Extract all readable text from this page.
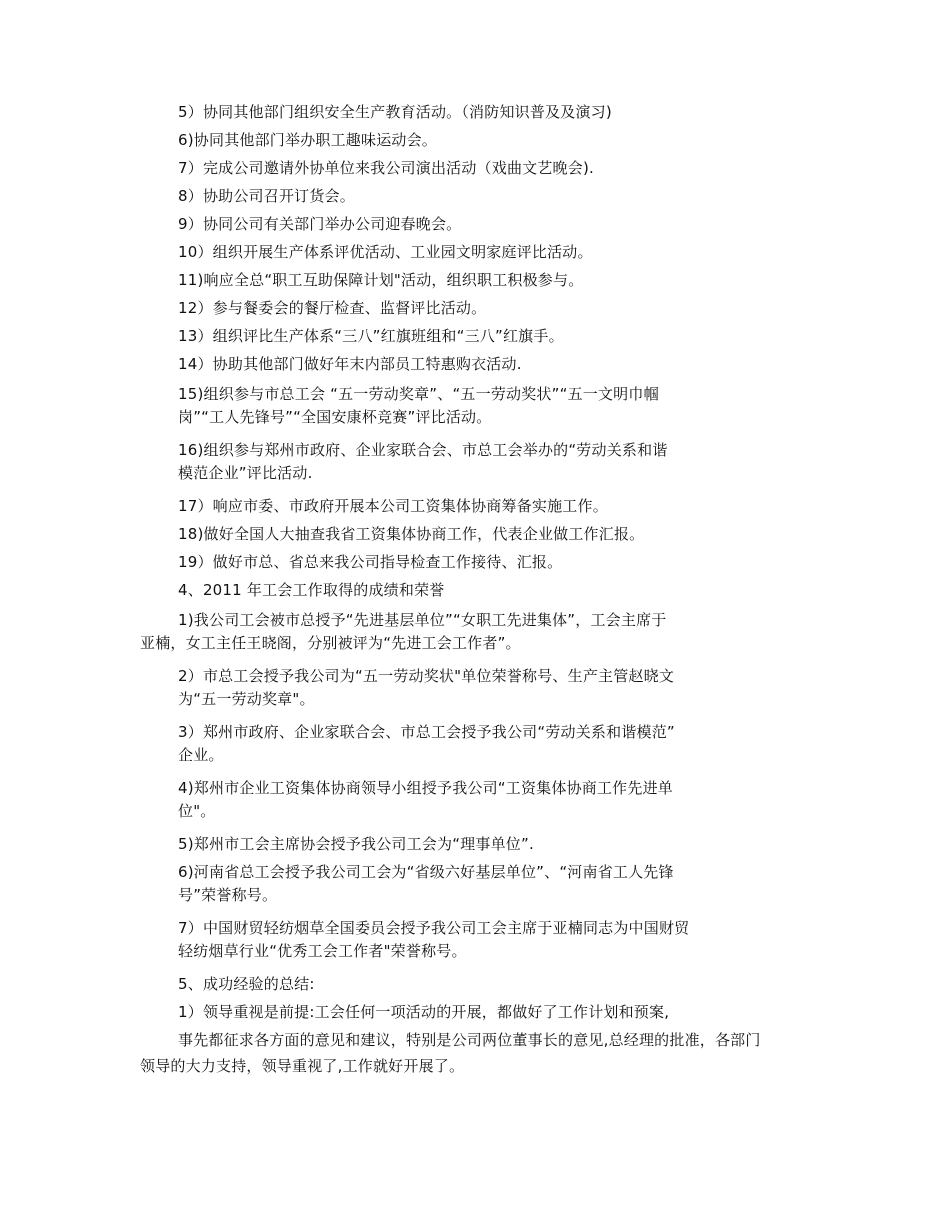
5）协同其他部门组织安全生产教育活动。（消防知识普及及演习)
6)协同其他部门举办职工趣味运动会。
7）完成公司邀请外协单位来我公司演出活动（戏曲文艺晚会).
8）协助公司召开订货会。
9）协同公司有关部门举办公司迎春晚会。
10）组织开展生产体系评优活动、工业园文明家庭评比活动。
11)响应全总“职工互助保障计划"活动，组织职工积极参与。
12）参与餐委会的餐厅检查、监督评比活动。
13）组织评比生产体系“三八”红旗班组和“三八”红旗手。
14）协助其他部门做好年末内部员工特惠购衣活动.
15)组织参与市总工会 “五一劳动奖章”、“五一劳动奖状”“五一文明巾帼
岗”“工人先锋号”“全国安康杯竞赛”评比活动。
16)组织参与郑州市政府、企业家联合会、市总工会举办的“劳动关系和谐
模范企业”评比活动.
17）响应市委、市政府开展本公司工资集体协商筹备实施工作。
18)做好全国人大抽查我省工资集体协商工作，代表企业做工作汇报。
19）做好市总、省总来我公司指导检查工作接待、汇报。
4、2011 年工会工作取得的成绩和荣誉
1)我公司工会被市总授予“先进基层单位”“女职工先进集体”，工会主席于
亚楠，女工主任王晓阁，分别被评为“先进工会工作者”。
2）市总工会授予我公司为“五一劳动奖状"单位荣誉称号、生产主管赵晓文
为“五一劳动奖章"。
3）郑州市政府、企业家联合会、市总工会授予我公司“劳动关系和谐模范”
企业。
4)郑州市企业工资集体协商领导小组授予我公司“工资集体协商工作先进单
位"。
5)郑州市工会主席协会授予我公司工会为“理事单位”.
6)河南省总工会授予我公司工会为“省级六好基层单位”、“河南省工人先锋
号”荣誉称号。
7）中国财贸轻纺烟草全国委员会授予我公司工会主席于亚楠同志为中国财贸
轻纺烟草行业“优秀工会工作者"荣誉称号。
5、成功经验的总结:
1）领导重视是前提:工会任何一项活动的开展，都做好了工作计划和预案,
事先都征求各方面的意见和建议，特别是公司两位董事长的意见,总经理的批准，各部门
领导的大力支持，领导重视了,工作就好开展了。
